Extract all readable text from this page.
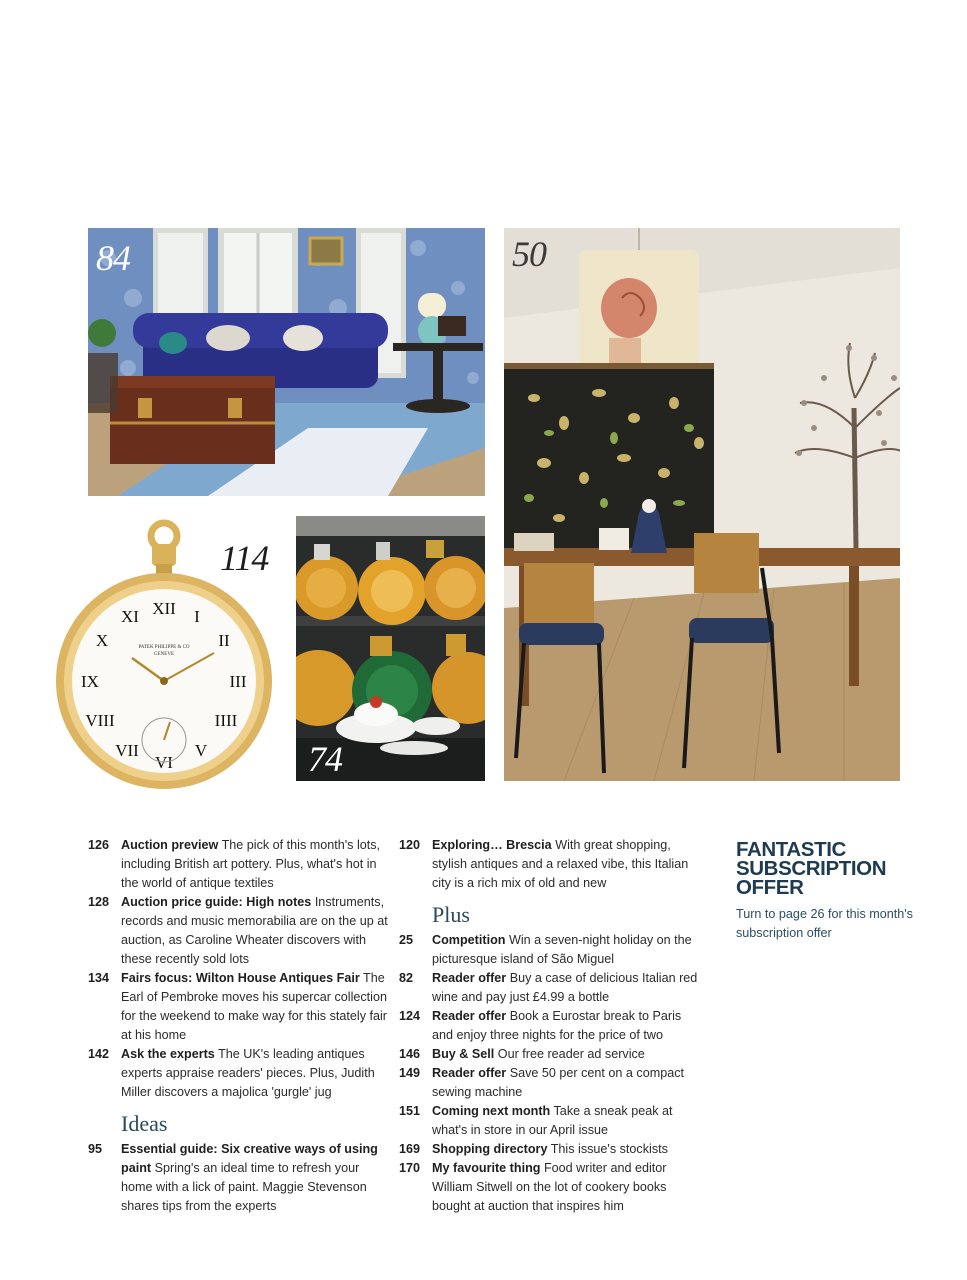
84	50
XII I
II
III
IIII
V
VI
VII
VIII
IX
X
XI
PATEK PHILIPPE & CO
GENEVE
114
74
126 Auction preview The pick of this month's lots, including British art pottery. Plus, what's hot in the world of antique textiles
128 Auction price guide: High notes Instruments, records and music memorabilia are on the up at auction, as Caroline Wheater discovers with these recently sold lots
134 Fairs focus: Wilton House Antiques Fair The Earl of Pembroke moves his supercar collection for the weekend to make way for this stately fair at his home
142 Ask the experts The UK's leading antiques experts appraise readers' pieces. Plus, Judith Miller discovers a majolica 'gurgle' jug
Ideas
95	Essential guide: Six creative ways of using paint Spring's an ideal time to refresh your home with a lick of paint. Maggie Stevenson shares tips from the experts
120 Exploring… Brescia With great shopping, stylish antiques and a relaxed vibe, this Italian city is a rich mix of old and new
Plus
25	Competition Win a seven-night holiday on the picturesque island of São Miguel
82	Reader offer Buy a case of delicious Italian red wine and pay just £4.99 a bottle
124 Reader offer Book a Eurostar break to Paris and enjoy three nights for the price of two
146 Buy & Sell Our free reader ad service
149 Reader offer Save 50 per cent on a compact sewing machine
151 Coming next month Take a sneak peak at what's in store in our April issue
169 Shopping directory This issue's stockists
170 My favourite thing Food writer and editor William Sitwell on the lot of cookery books bought at auction that inspires him
FANTASTIC
SUBSCRIPTION
OFFER
Turn to page 26 for this month's subscription offer
